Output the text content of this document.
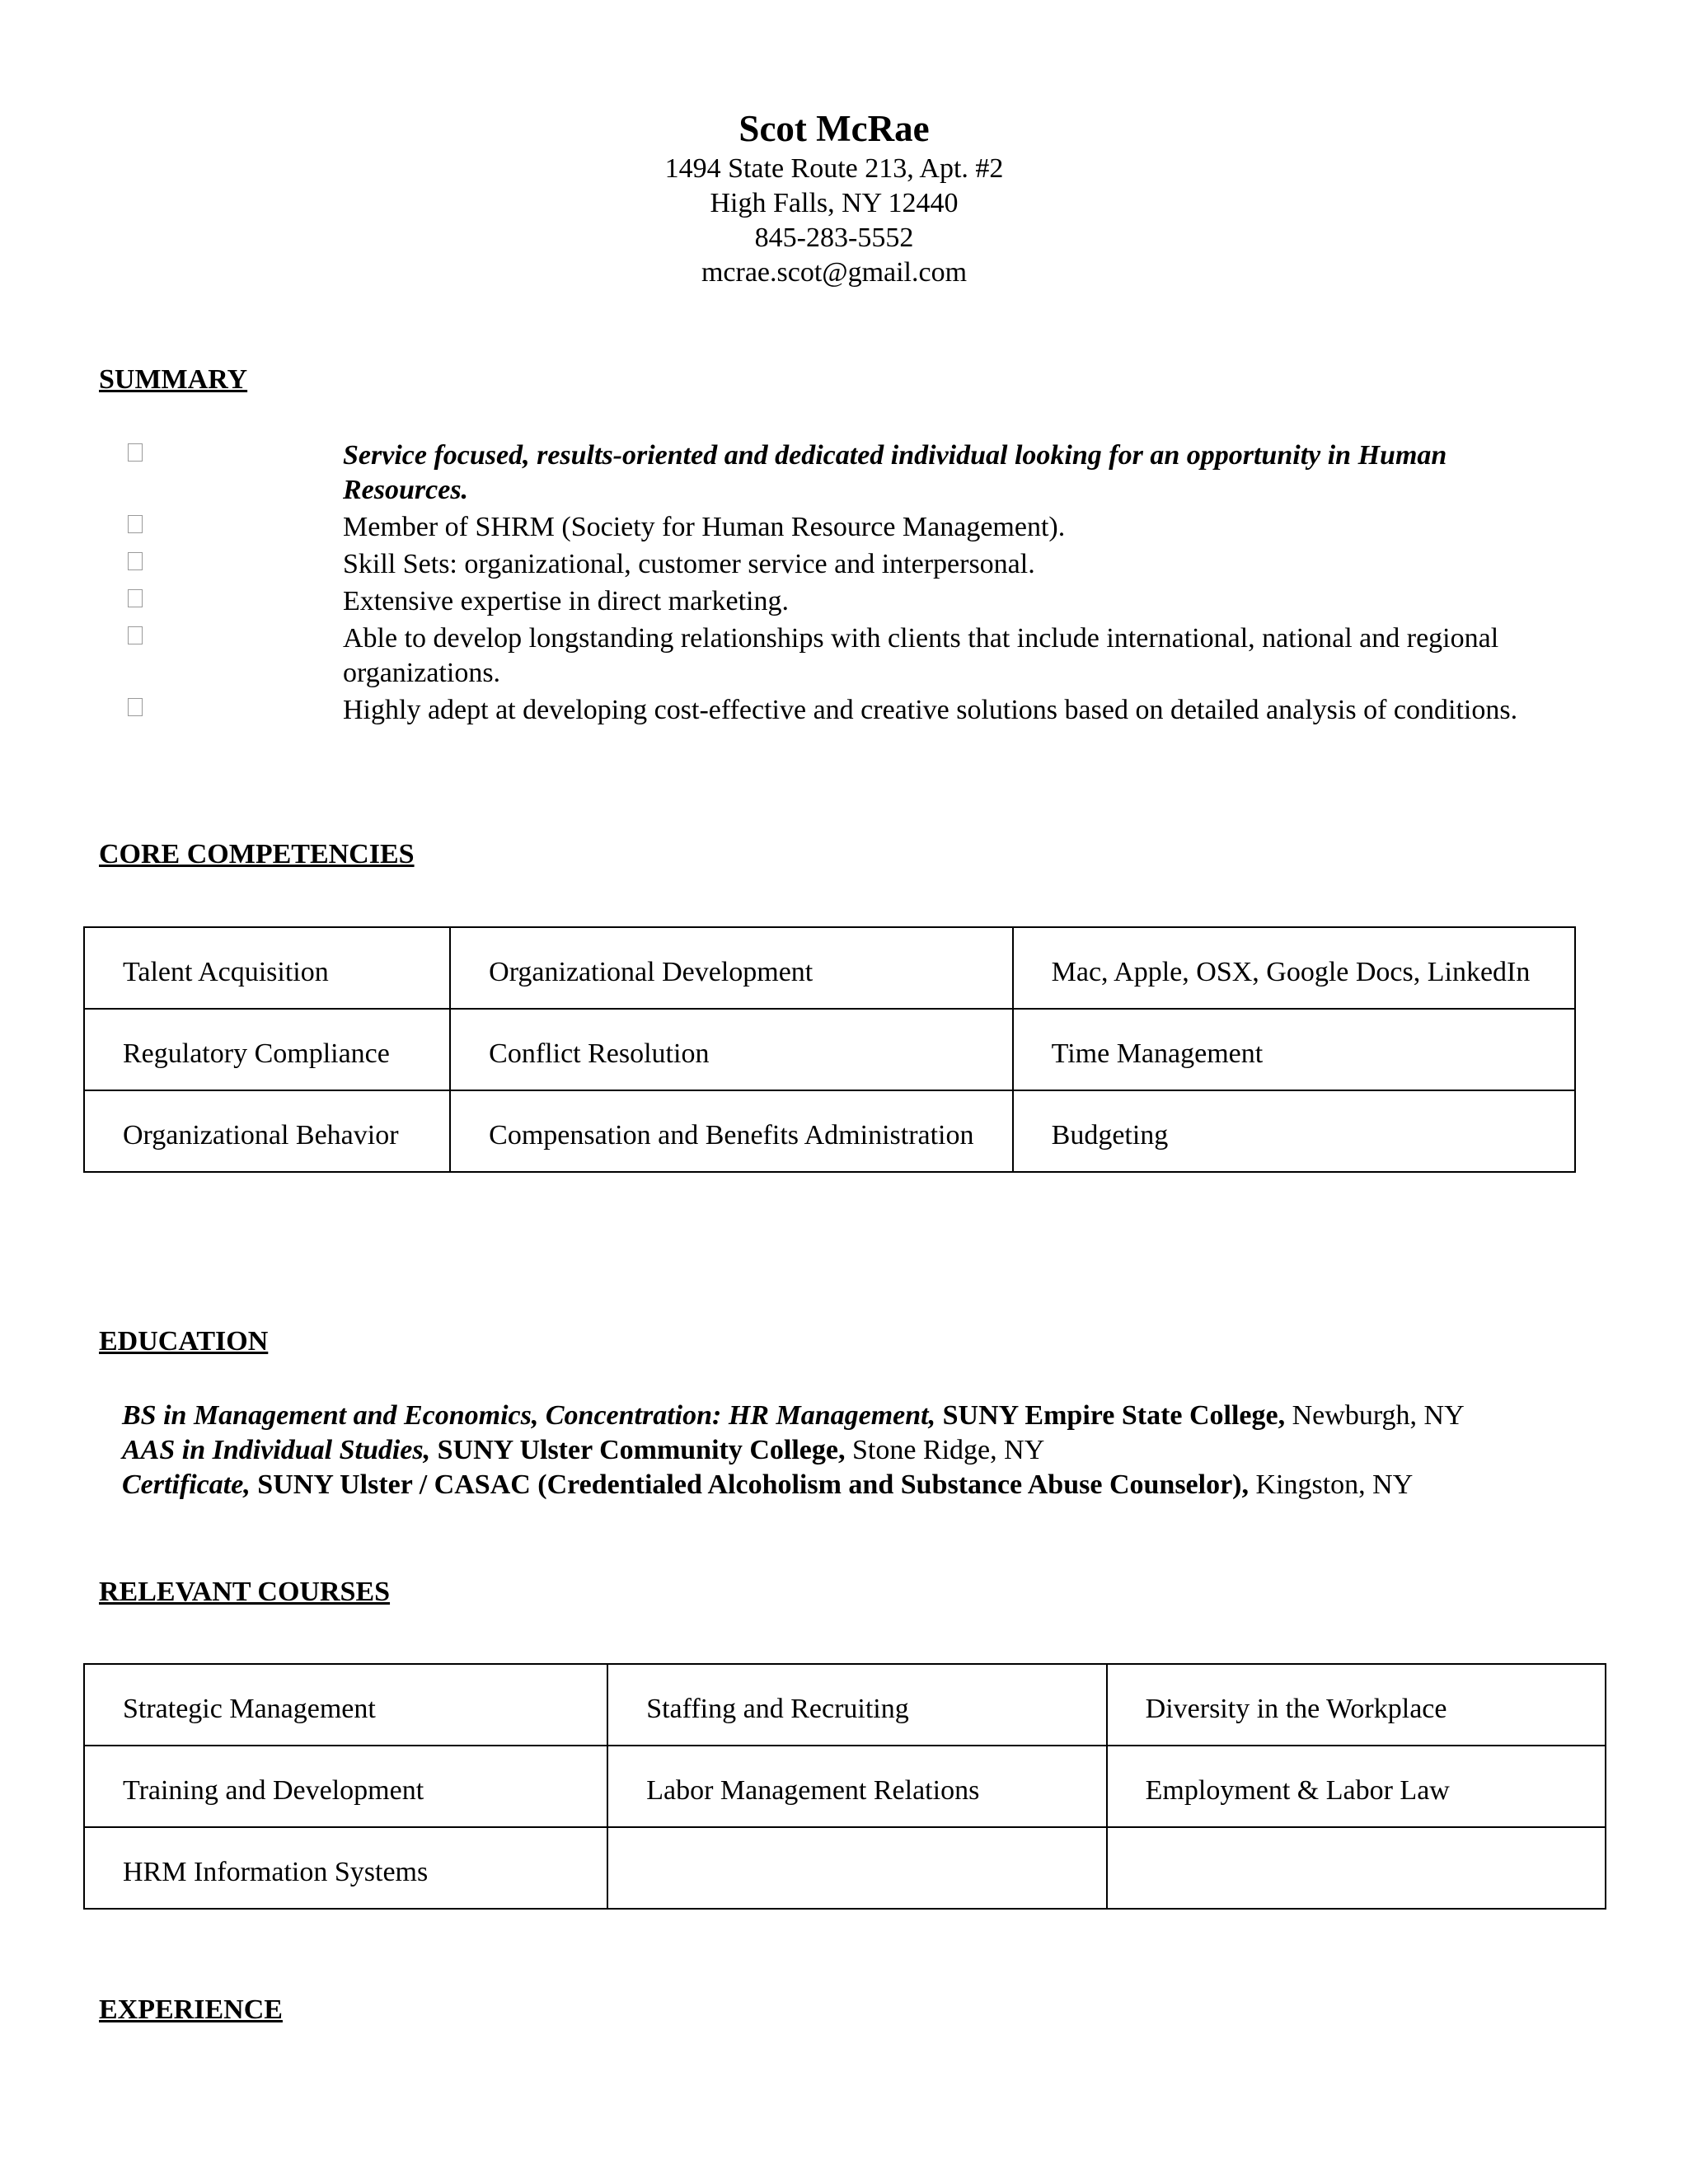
Scot McRae
1494 State Route 213, Apt. #2
High Falls, NY 12440
845-283-5552
mcrae.scot@gmail.com
SUMMARY
Service focused, results-oriented and dedicated individual looking for an opportunity in Human Resources.
Member of SHRM (Society for Human Resource Management).
Skill Sets: organizational, customer service and interpersonal.
Extensive expertise in direct marketing.
Able to develop longstanding relationships with clients that include international, national and regional organizations.
Highly adept at developing cost-effective and creative solutions based on detailed analysis of conditions.
CORE COMPETENCIES
Talent Acquisition	Organizational Development	Mac, Apple, OSX, Google Docs, LinkedIn
Regulatory Compliance	Conflict Resolution	Time Management
Organizational Behavior	Compensation and Benefits Administration	Budgeting
EDUCATION
BS in Management and Economics, Concentration: HR Management, SUNY Empire State College, Newburgh, NY
AAS in Individual Studies, SUNY Ulster Community College, Stone Ridge, NY
Certificate, SUNY Ulster / CASAC (Credentialed Alcoholism and Substance Abuse Counselor), Kingston, NY
RELEVANT COURSES
Strategic Management	Staffing and Recruiting	Diversity in the Workplace
Training and Development	Labor Management Relations	Employment & Labor Law
HRM Information Systems		
EXPERIENCE
